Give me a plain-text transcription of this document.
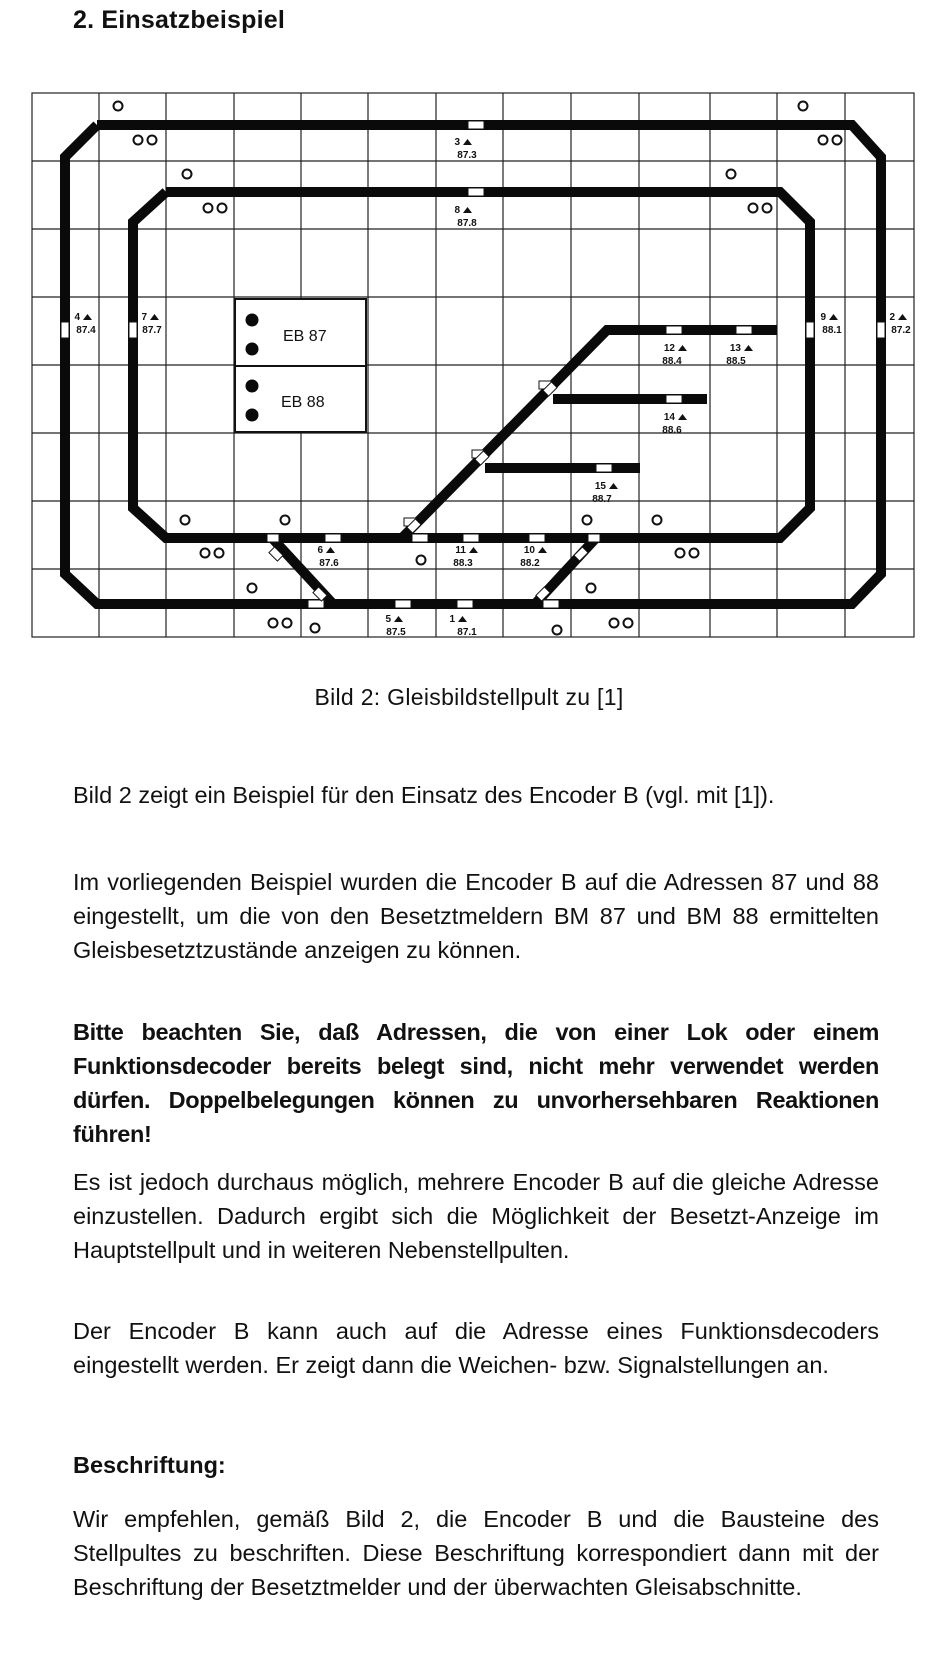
2. Einsatzbeispiel
EB 87
EB 88
1
87.1
2
87.2
3
87.3
4
87.4
5
87.5
6
87.6
7
87.7
8
87.8
9
88.1
10
88.2
11
88.3
12
88.4
13
88.5
14
88.6
15
88.7
Bild 2: Gleisbildstellpult zu [1]

Bild 2 zeigt ein Beispiel für den Einsatz des Encoder B (vgl. mit [1]).

Im vorliegenden Beispiel wurden die Encoder B auf die Adressen 87 und 88 eingestellt, um die von den Besetztmeldern BM 87 und BM 88 ermittelten Gleisbesetztzustände anzeigen zu können.

Bitte beachten Sie, daß Adressen, die von einer Lok oder einem Funktionsdecoder bereits belegt sind, nicht mehr verwendet werden dürfen. Doppelbelegungen können zu unvorhersehbaren Reaktionen führen!

Es ist jedoch durchaus möglich, mehrere Encoder B auf die gleiche Adresse einzustellen. Dadurch ergibt sich die Möglichkeit der Besetzt-Anzeige im Hauptstellpult und in weiteren Nebenstellpulten.

Der Encoder B kann auch auf die Adresse eines Funktionsdecoders eingestellt werden. Er zeigt dann die Weichen- bzw. Signalstellungen an.

Beschriftung:

Wir empfehlen, gemäß Bild 2, die Encoder B und die Bausteine des Stellpultes zu beschriften. Diese Beschriftung korrespondiert dann mit der Beschriftung der Besetztmelder und der überwachten Gleisabschnitte.
